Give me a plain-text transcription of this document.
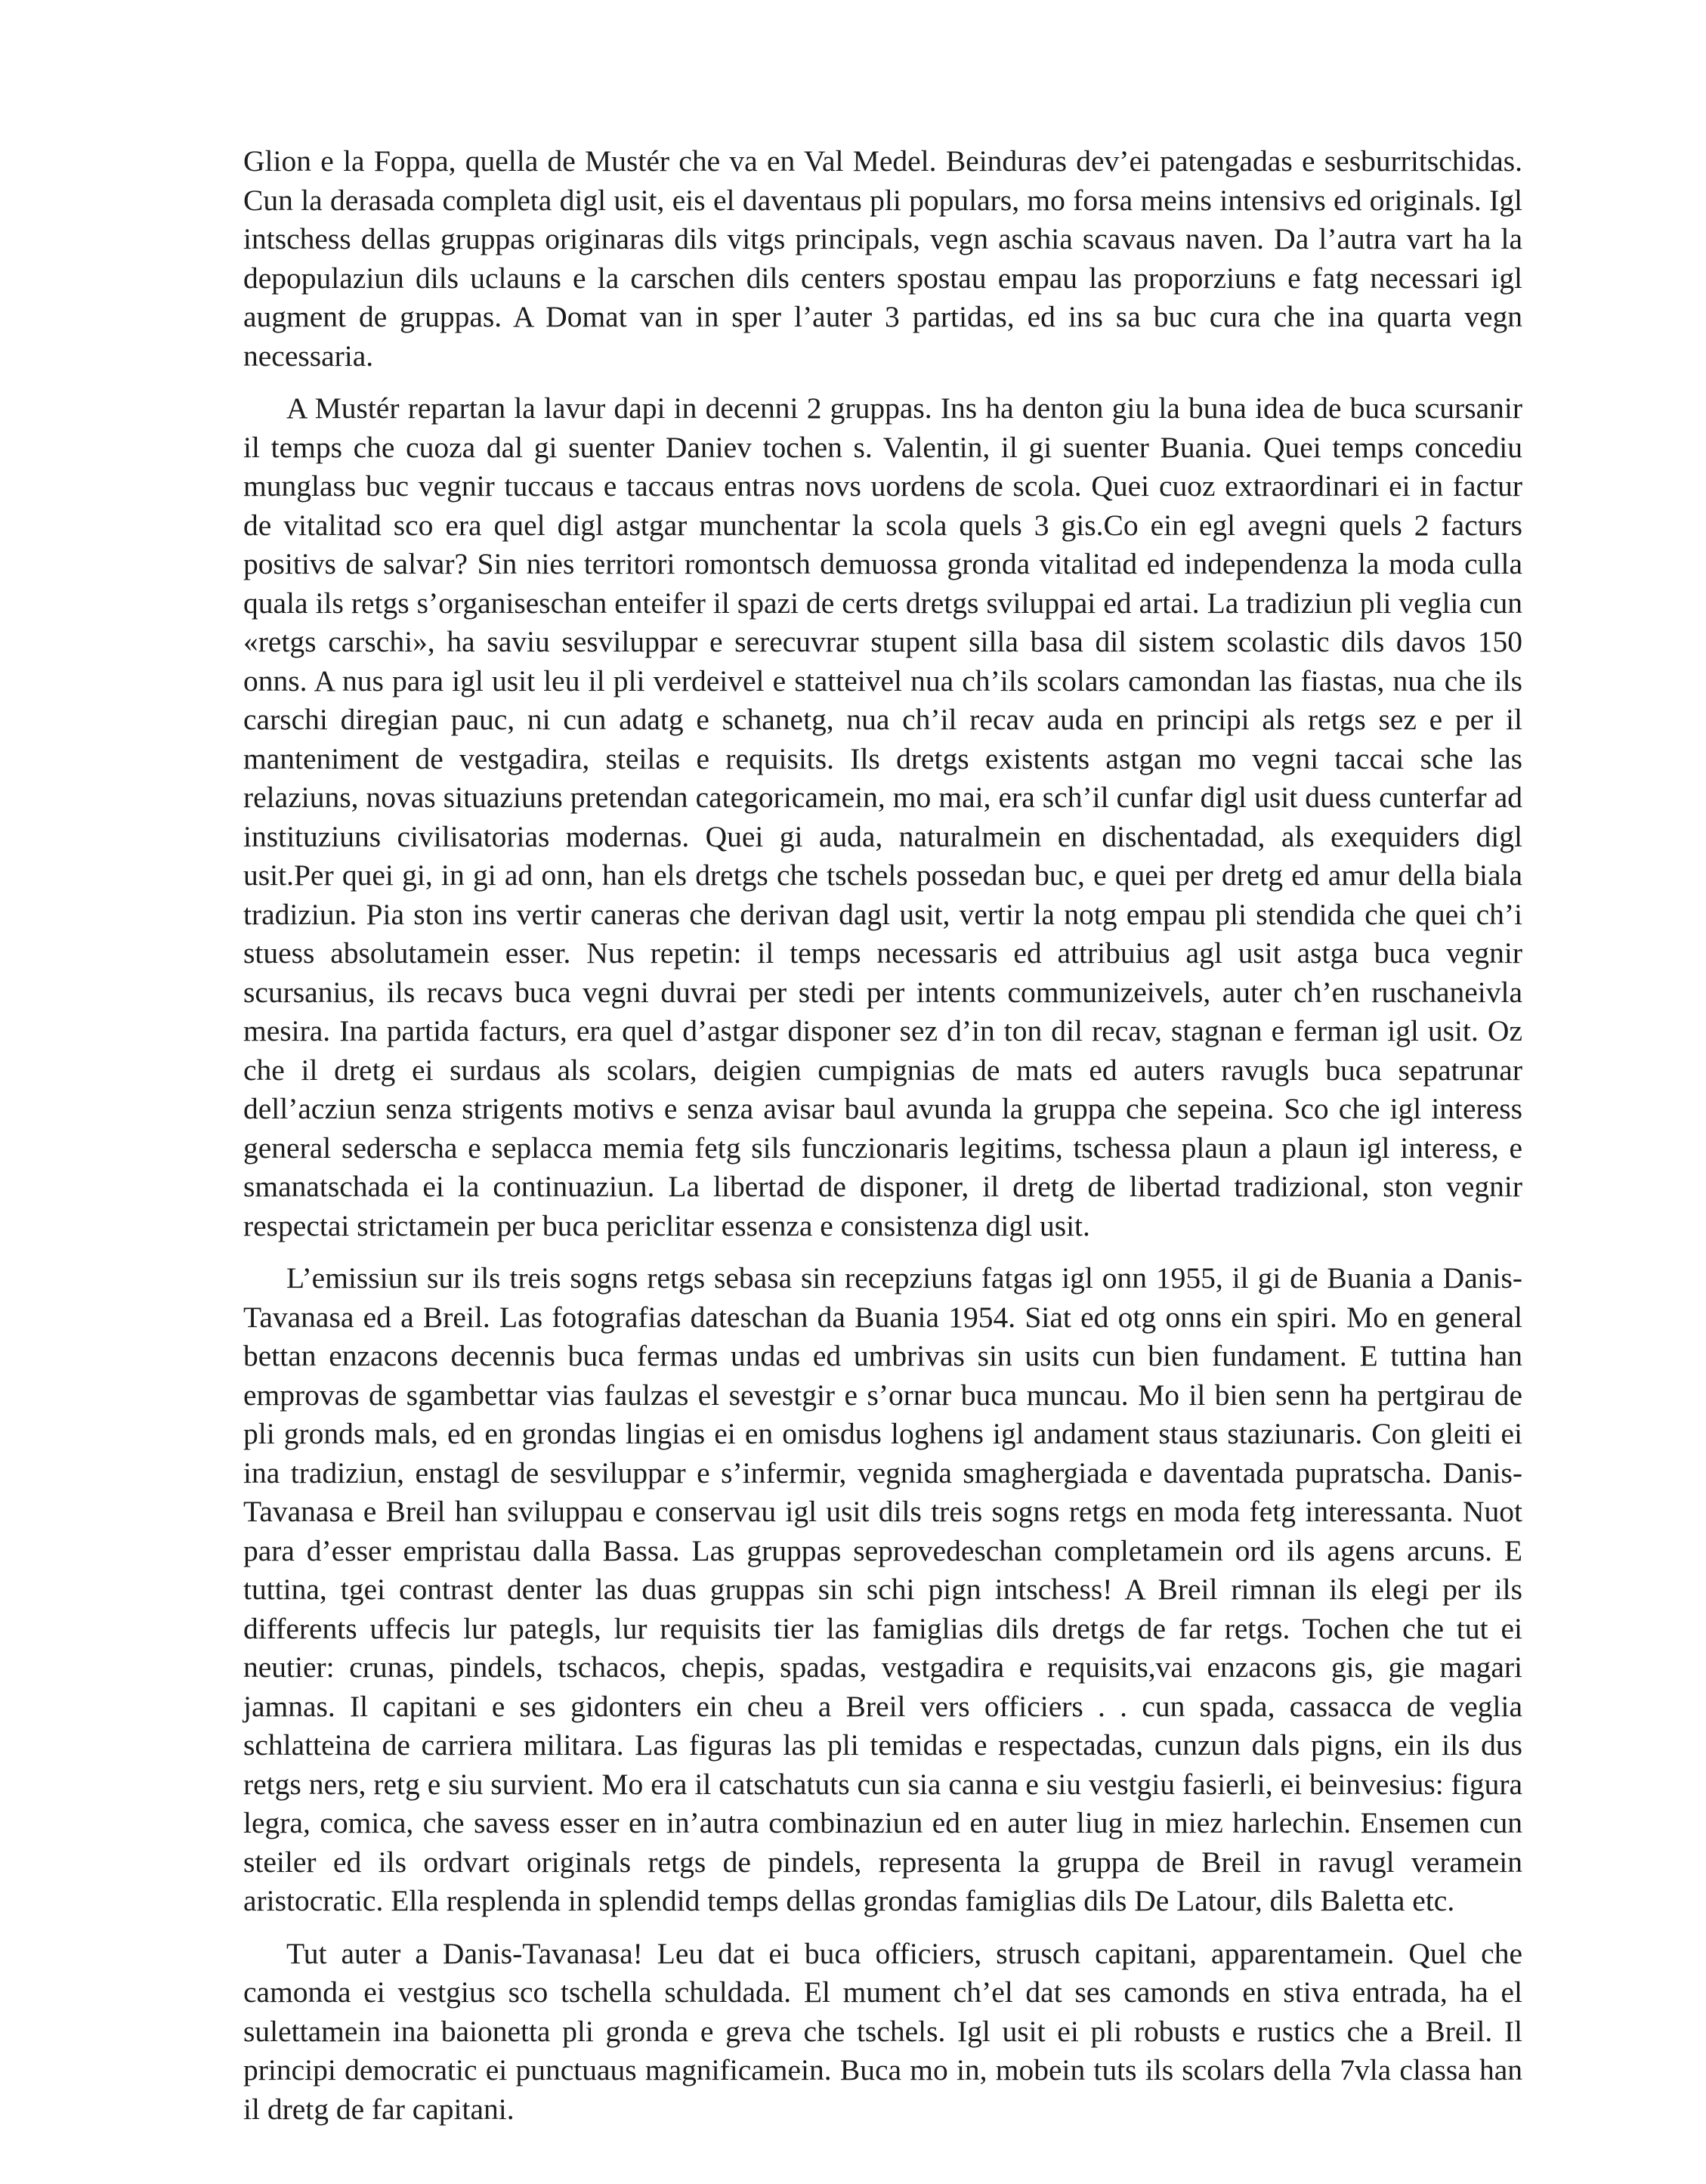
Glion e la Foppa, quella de Mustér che va en Val Medel. Beinduras dev’ei patengadas e sesburritschidas. Cun la derasada completa digl usit, eis el daventaus pli populars, mo forsa meins intensivs ed originals. Igl intschess dellas gruppas originaras dils vitgs principals, vegn aschia scavaus naven. Da l’autra vart ha la depopulaziun dils uclauns e la carschen dils centers spostau empau las proporziuns e fatg necessari igl augment de gruppas. A Domat van in sper l’auter 3 partidas, ed ins sa buc cura che ina quarta vegn necessaria.

A Mustér repartan la lavur dapi in decenni 2 gruppas. Ins ha denton giu la buna idea de buca scursanir il temps che cuoza dal gi suenter Daniev tochen s. Valentin, il gi suenter Buania. Quei temps concediu munglass buc vegnir tuccaus e taccaus entras novs uordens de scola. Quei cuoz extraordinari ei in factur de vitalitad sco era quel digl astgar munchentar la scola quels 3 gis.Co ein egl avegni quels 2 facturs positivs de salvar? Sin nies territori romontsch demuossa gronda vitalitad ed independenza la moda culla quala ils retgs s’organiseschan enteifer il spazi de certs dretgs sviluppai ed artai. La tradiziun pli veglia cun «retgs carschi», ha saviu sesviluppar e serecuvrar stupent silla basa dil sistem scolastic dils davos 150 onns. A nus para igl usit leu il pli verdeivel e statteivel nua ch’ils scolars camondan las fiastas, nua che ils carschi diregian pauc, ni cun adatg e schanetg, nua ch’il recav auda en principi als retgs sez e per il manteniment de vestgadira, steilas e requisits. Ils dretgs existents astgan mo vegni taccai sche las relaziuns, novas situaziuns pretendan categoricamein, mo mai, era sch’il cunfar digl usit duess cunterfar ad instituziuns civilisatorias modernas. Quei gi auda, naturalmein en dischentadad, als exequiders digl usit.Per quei gi, in gi ad onn, han els dretgs che tschels possedan buc, e quei per dretg ed amur della biala tradiziun. Pia ston ins vertir caneras che derivan dagl usit, vertir la notg empau pli stendida che quei ch’i stuess absolutamein esser. Nus repetin: il temps necessaris ed attribuius agl usit astga buca vegnir scursanius, ils recavs buca vegni duvrai per stedi per intents communizeivels, auter ch’en ruschaneivla mesira. Ina partida facturs, era quel d’astgar disponer sez d’in ton dil recav, stagnan e ferman igl usit. Oz che il dretg ei surdaus als scolars, deigien cumpignias de mats ed auters ravugls buca sepatrunar dell’acziun senza strigents motivs e senza avisar baul avunda la gruppa che sepeina. Sco che igl interess general sederscha e seplacca memia fetg sils funczionaris legitims, tschessa plaun a plaun igl interess, e smanatschada ei la continuaziun. La libertad de disponer, il dretg de libertad tradizional, ston vegnir respectai strictamein per buca periclitar essenza e consistenza digl usit.

L’emissiun sur ils treis sogns retgs sebasa sin recepziuns fatgas igl onn 1955, il gi de Buania a Danis-Tavanasa ed a Breil. Las fotografias dateschan da Buania 1954. Siat ed otg onns ein spiri. Mo en general bettan enzacons decennis buca fermas undas ed umbrivas sin usits cun bien fundament. E tuttina han emprovas de sgambettar vias faulzas el sevestgir e s’ornar buca muncau. Mo il bien senn ha pertgirau de pli gronds mals, ed en grondas lingias ei en omisdus loghens igl andament staus staziunaris. Con gleiti ei ina tradiziun, enstagl de sesviluppar e s’infermir, vegnida smaghergiada e daventada pupratscha. Danis-Tavanasa e Breil han sviluppau e conservau igl usit dils treis sogns retgs en moda fetg interessanta. Nuot para d’esser empristau dalla Bassa. Las gruppas seprovedeschan completamein ord ils agens arcuns. E tuttina, tgei contrast denter las duas gruppas sin schi pign intschess! A Breil rimnan ils elegi per ils differents uffecis lur pategls, lur requisits tier las famiglias dils dretgs de far retgs. Tochen che tut ei neutier: crunas, pindels, tschacos, chepis, spadas, vestgadira e requisits,vai enzacons gis, gie magari jamnas. Il capitani e ses gidonters ein cheu a Breil vers officiers . . cun spada, cassacca de veglia schlatteina de carriera militara. Las figuras las pli temidas e respectadas, cunzun dals pigns, ein ils dus retgs ners, retg e siu survient. Mo era il catschatuts cun sia canna e siu vestgiu fasierli, ei beinvesius: figura legra, comica, che savess esser en in’autra combinaziun ed en auter liug in miez harlechin. Ensemen cun steiler ed ils ordvart originals retgs de pindels, representa la gruppa de Breil in ravugl veramein aristocratic. Ella resplenda in splendid temps dellas grondas famiglias dils De Latour, dils Baletta etc.

Tut auter a Danis-Tavanasa! Leu dat ei buca officiers, strusch capitani, apparentamein. Quel che camonda ei vestgius sco tschella schuldada. El mument ch’el dat ses camonds en stiva entrada, ha el sulettamein ina baionetta pli gronda e greva che tschels. Igl usit ei pli robusts e rustics che a Breil. Il principi democratic ei punctuaus magnificamein. Buca mo in, mobein tuts ils scolars della 7vla classa han il dretg de far capitani.
